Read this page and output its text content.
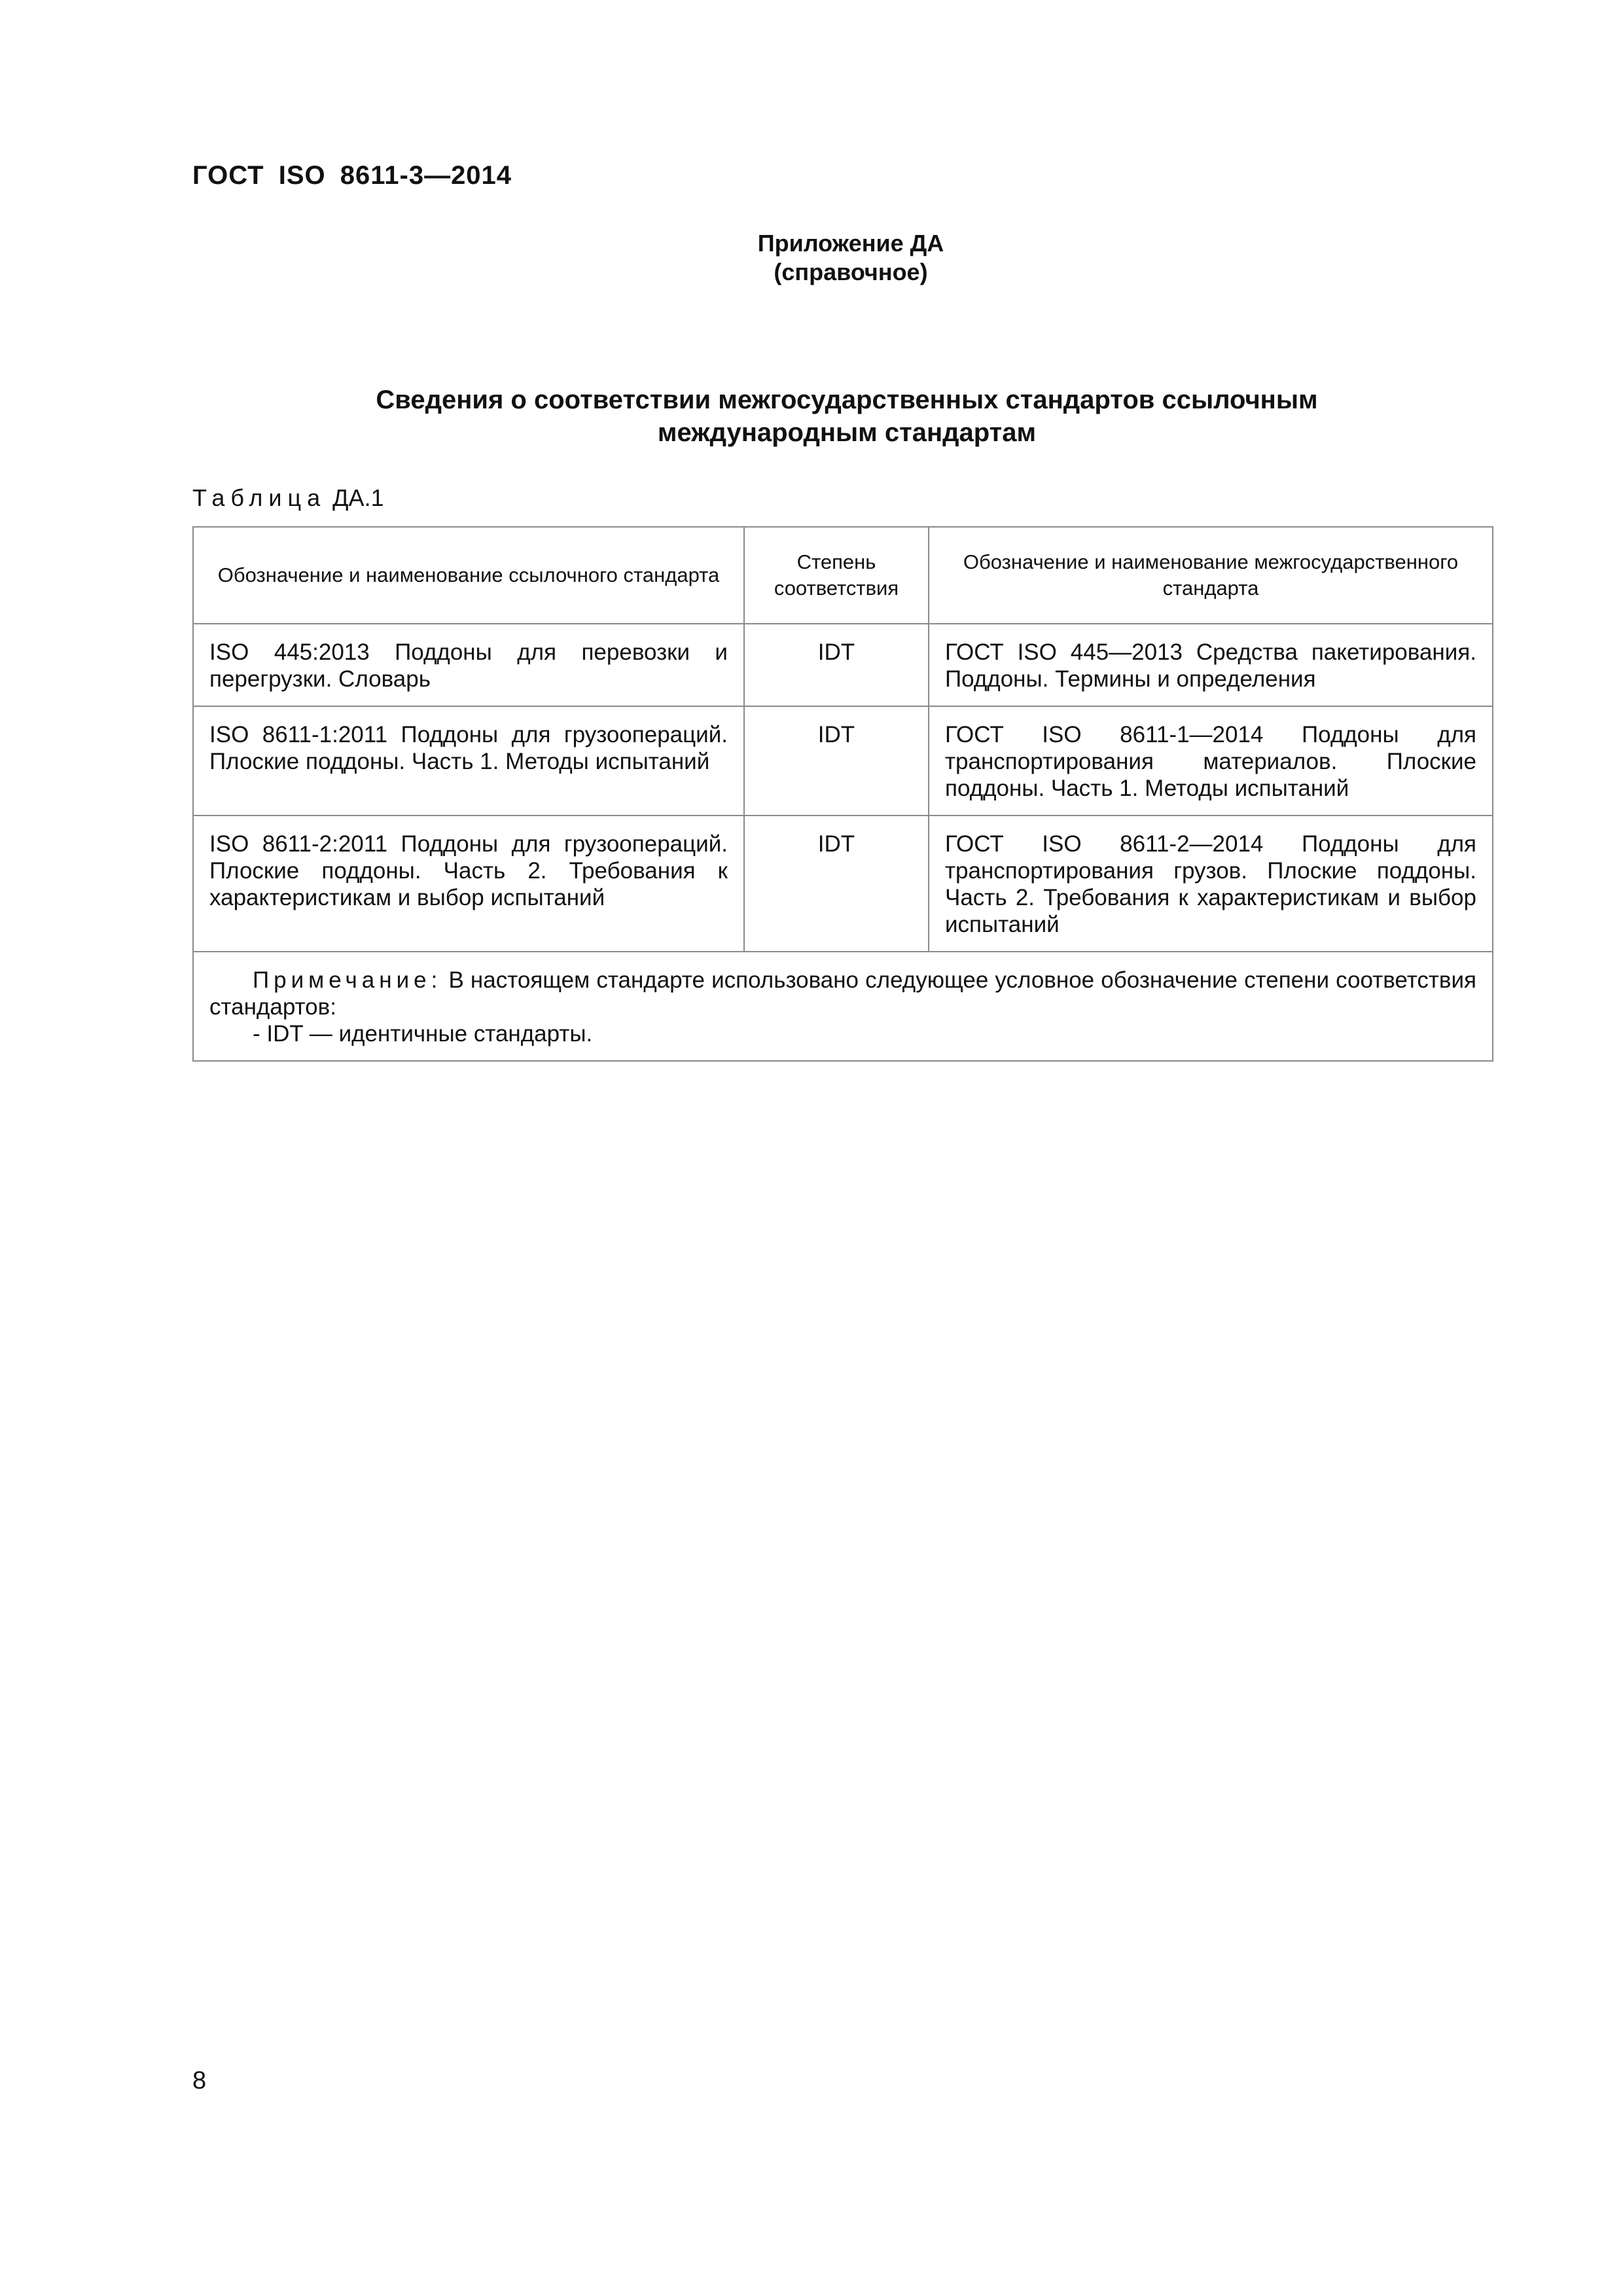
ГОСТ ISO 8611-3—2014
Приложение ДА
(справочное)
Сведения о соответствии межгосударственных стандартов ссылочным
международным стандартам
Таблица ДА.1
Обозначение и наименование ссылочного стандарта	Степень соответствия	Обозначение и наименование межгосударственного стандарта
ISO 445:2013 Поддоны для перевозки и перегрузки. Словарь	IDT	ГОСТ ISO 445—2013 Средства пакетирования. Поддоны. Термины и определения
ISO 8611-1:2011 Поддоны для грузоопераций. Плоские поддоны. Часть 1. Методы испытаний	IDT	ГОСТ ISO 8611-1—2014 Поддоны для транспортирования материалов. Плоские поддоны. Часть 1. Методы испытаний
ISO 8611-2:2011 Поддоны для грузоопераций. Плоские поддоны. Часть 2. Требования к характеристикам и выбор испытаний	IDT	ГОСТ ISO 8611-2—2014 Поддоны для транспортирования грузов. Плоские поддоны. Часть 2. Требования к характеристикам и выбор испытаний

Примечание: В настоящем стандарте использовано следующее условное обозначение степени соответствия стандартов:
- IDT — идентичные стандарты.		
8
